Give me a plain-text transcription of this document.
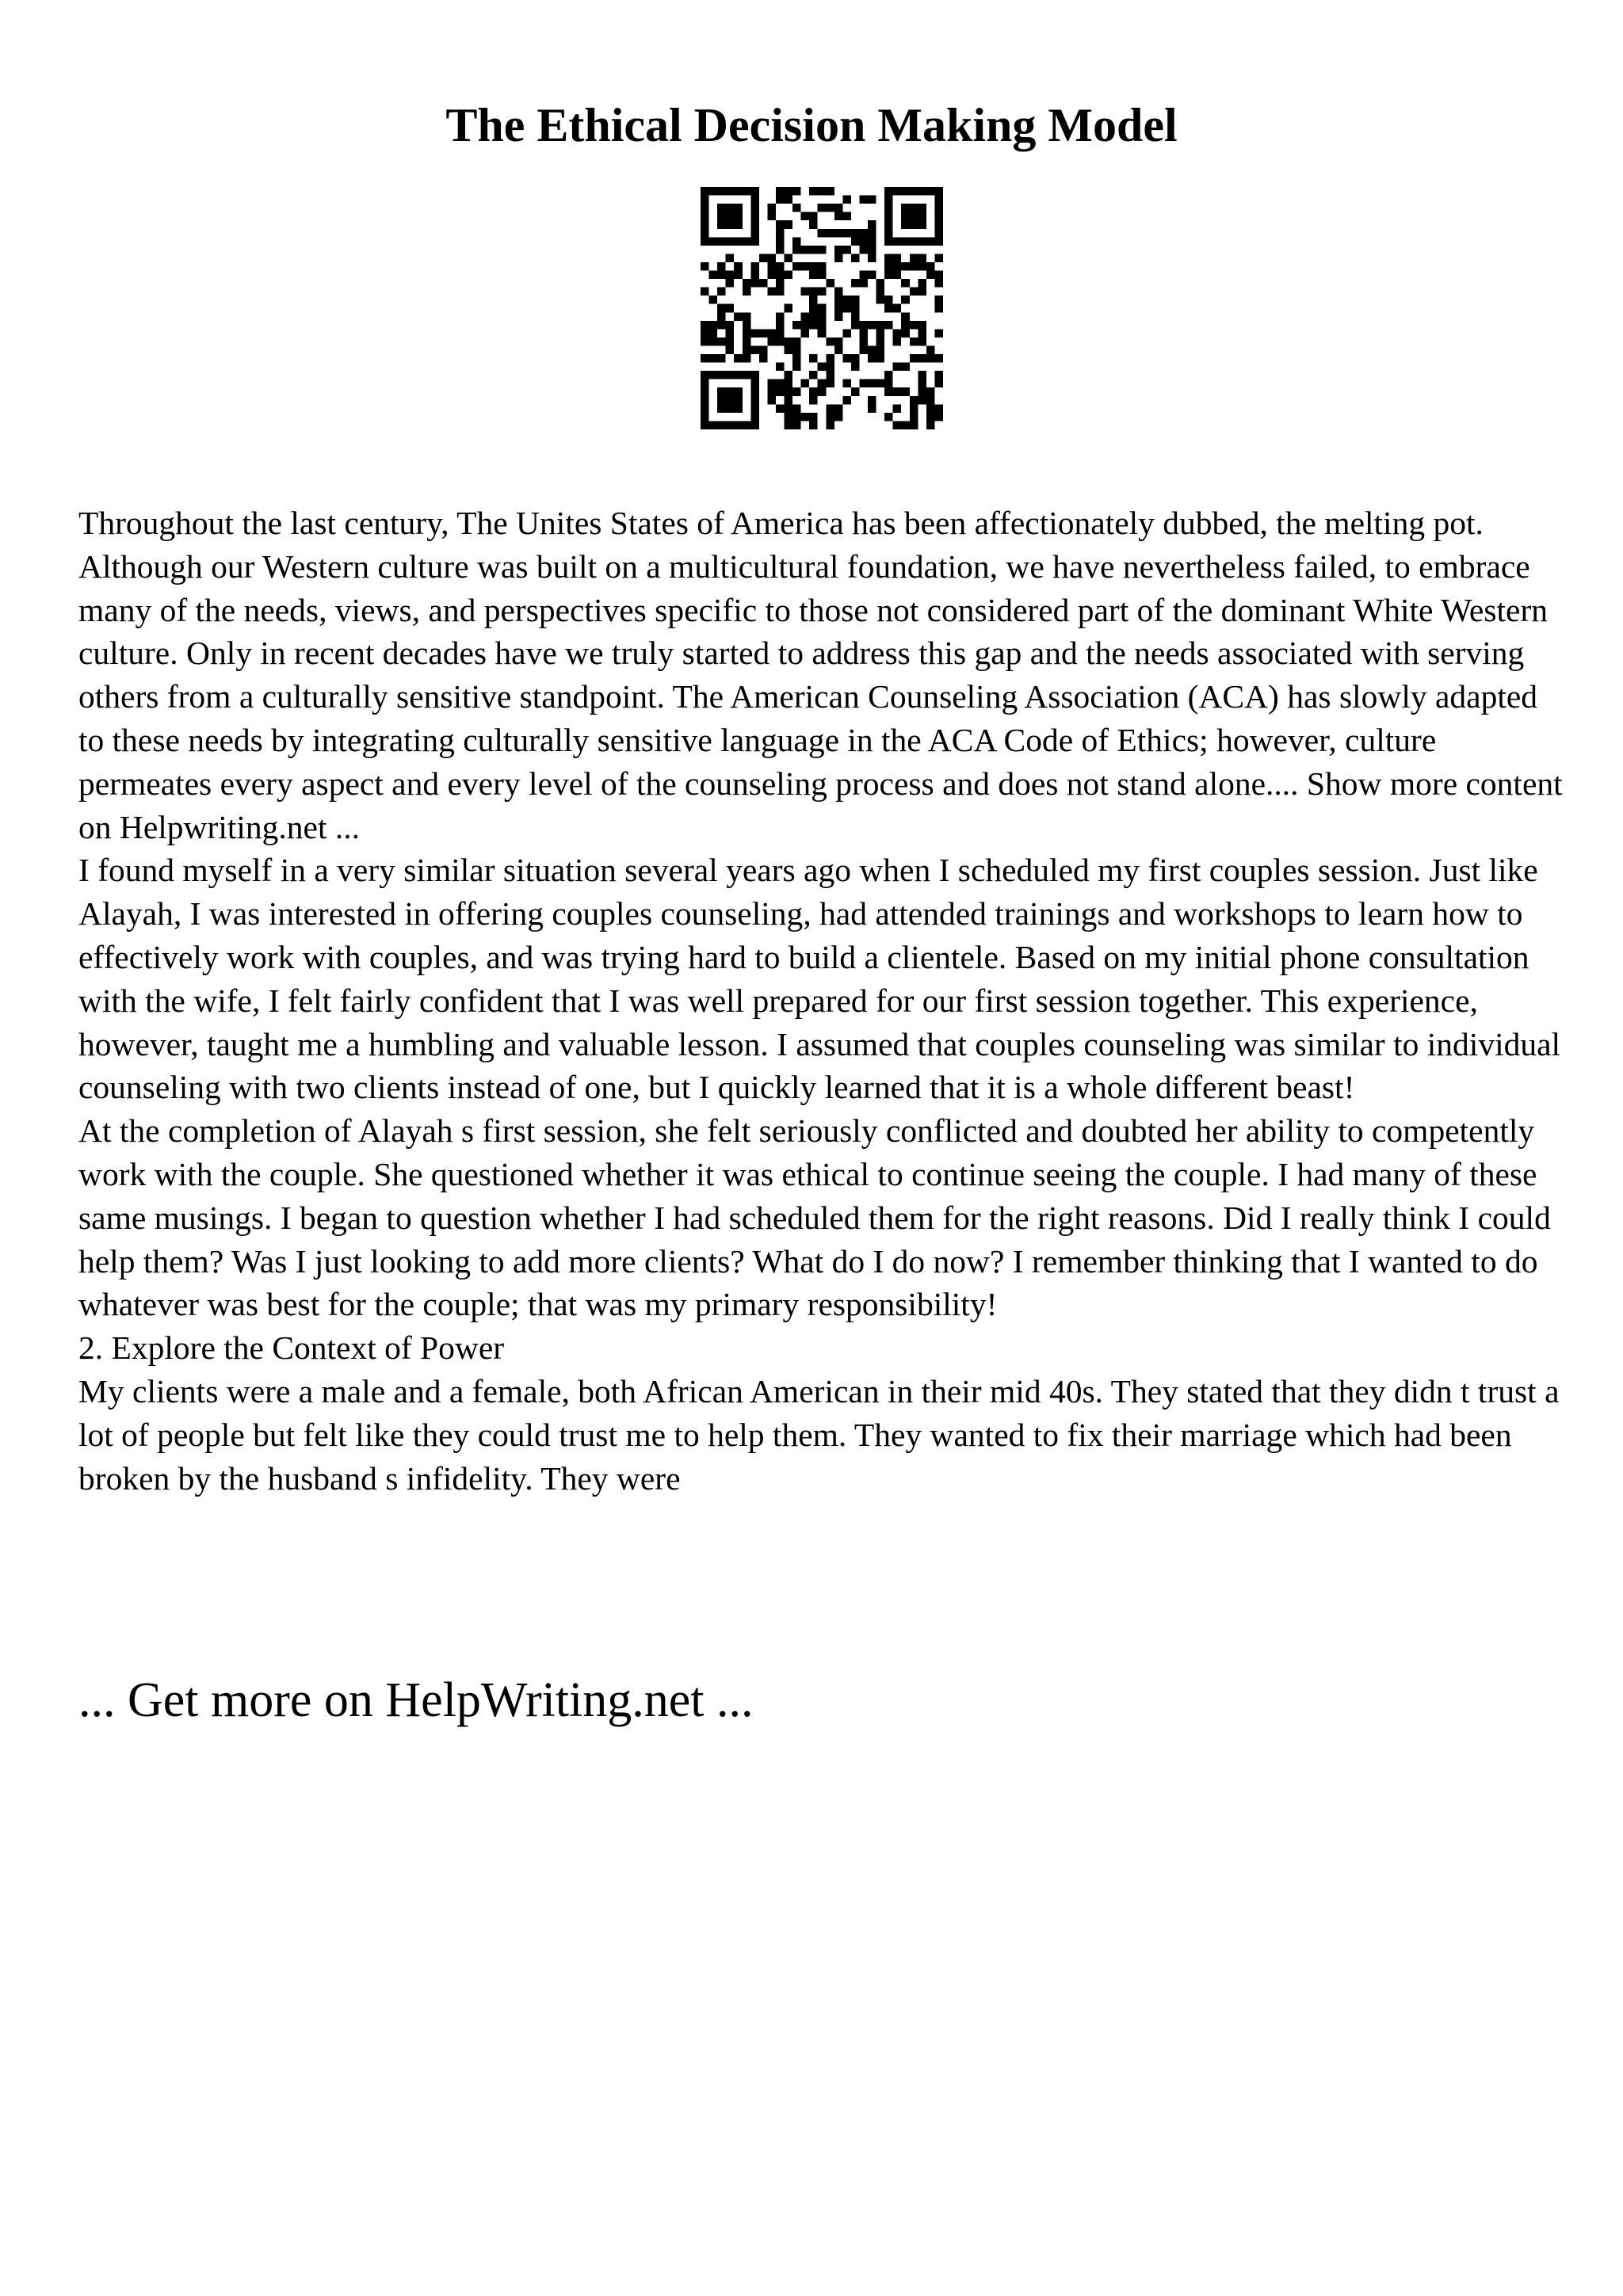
The Ethical Decision Making Model

Throughout the last century, The Unites States of America has been affectionately dubbed, the melting pot. Although our Western culture was built on a multicultural foundation, we have nevertheless failed, to embrace many of the needs, views, and perspectives specific to those not considered part of the dominant White Western culture. Only in recent decades have we truly started to address this gap and the needs associated with serving others from a culturally sensitive standpoint. The American Counseling Association (ACA) has slowly adapted to these needs by integrating culturally sensitive language in the ACA Code of Ethics; however, culture permeates every aspect and every level of the counseling process and does not stand alone.... Show more content on Helpwriting.net ...

I found myself in a very similar situation several years ago when I scheduled my first couples session. Just like Alayah, I was interested in offering couples counseling, had attended trainings and workshops to learn how to effectively work with couples, and was trying hard to build a clientele. Based on my initial phone consultation with the wife, I felt fairly confident that I was well prepared for our first session together. This experience, however, taught me a humbling and valuable lesson. I assumed that couples counseling was similar to individual counseling with two clients instead of one, but I quickly learned that it is a whole different beast!

At the completion of Alayah s first session, she felt seriously conflicted and doubted her ability to competently work with the couple. She questioned whether it was ethical to continue seeing the couple. I had many of these same musings. I began to question whether I had scheduled them for the right reasons. Did I really think I could help them? Was I just looking to add more clients? What do I do now? I remember thinking that I wanted to do whatever was best for the couple; that was my primary responsibility!

2. Explore the Context of Power

My clients were a male and a female, both African American in their mid 40s. They stated that they didn t trust a lot of people but felt like they could trust me to help them. They wanted to fix their marriage which had been broken by the husband s infidelity. They were

... Get more on HelpWriting.net ...
